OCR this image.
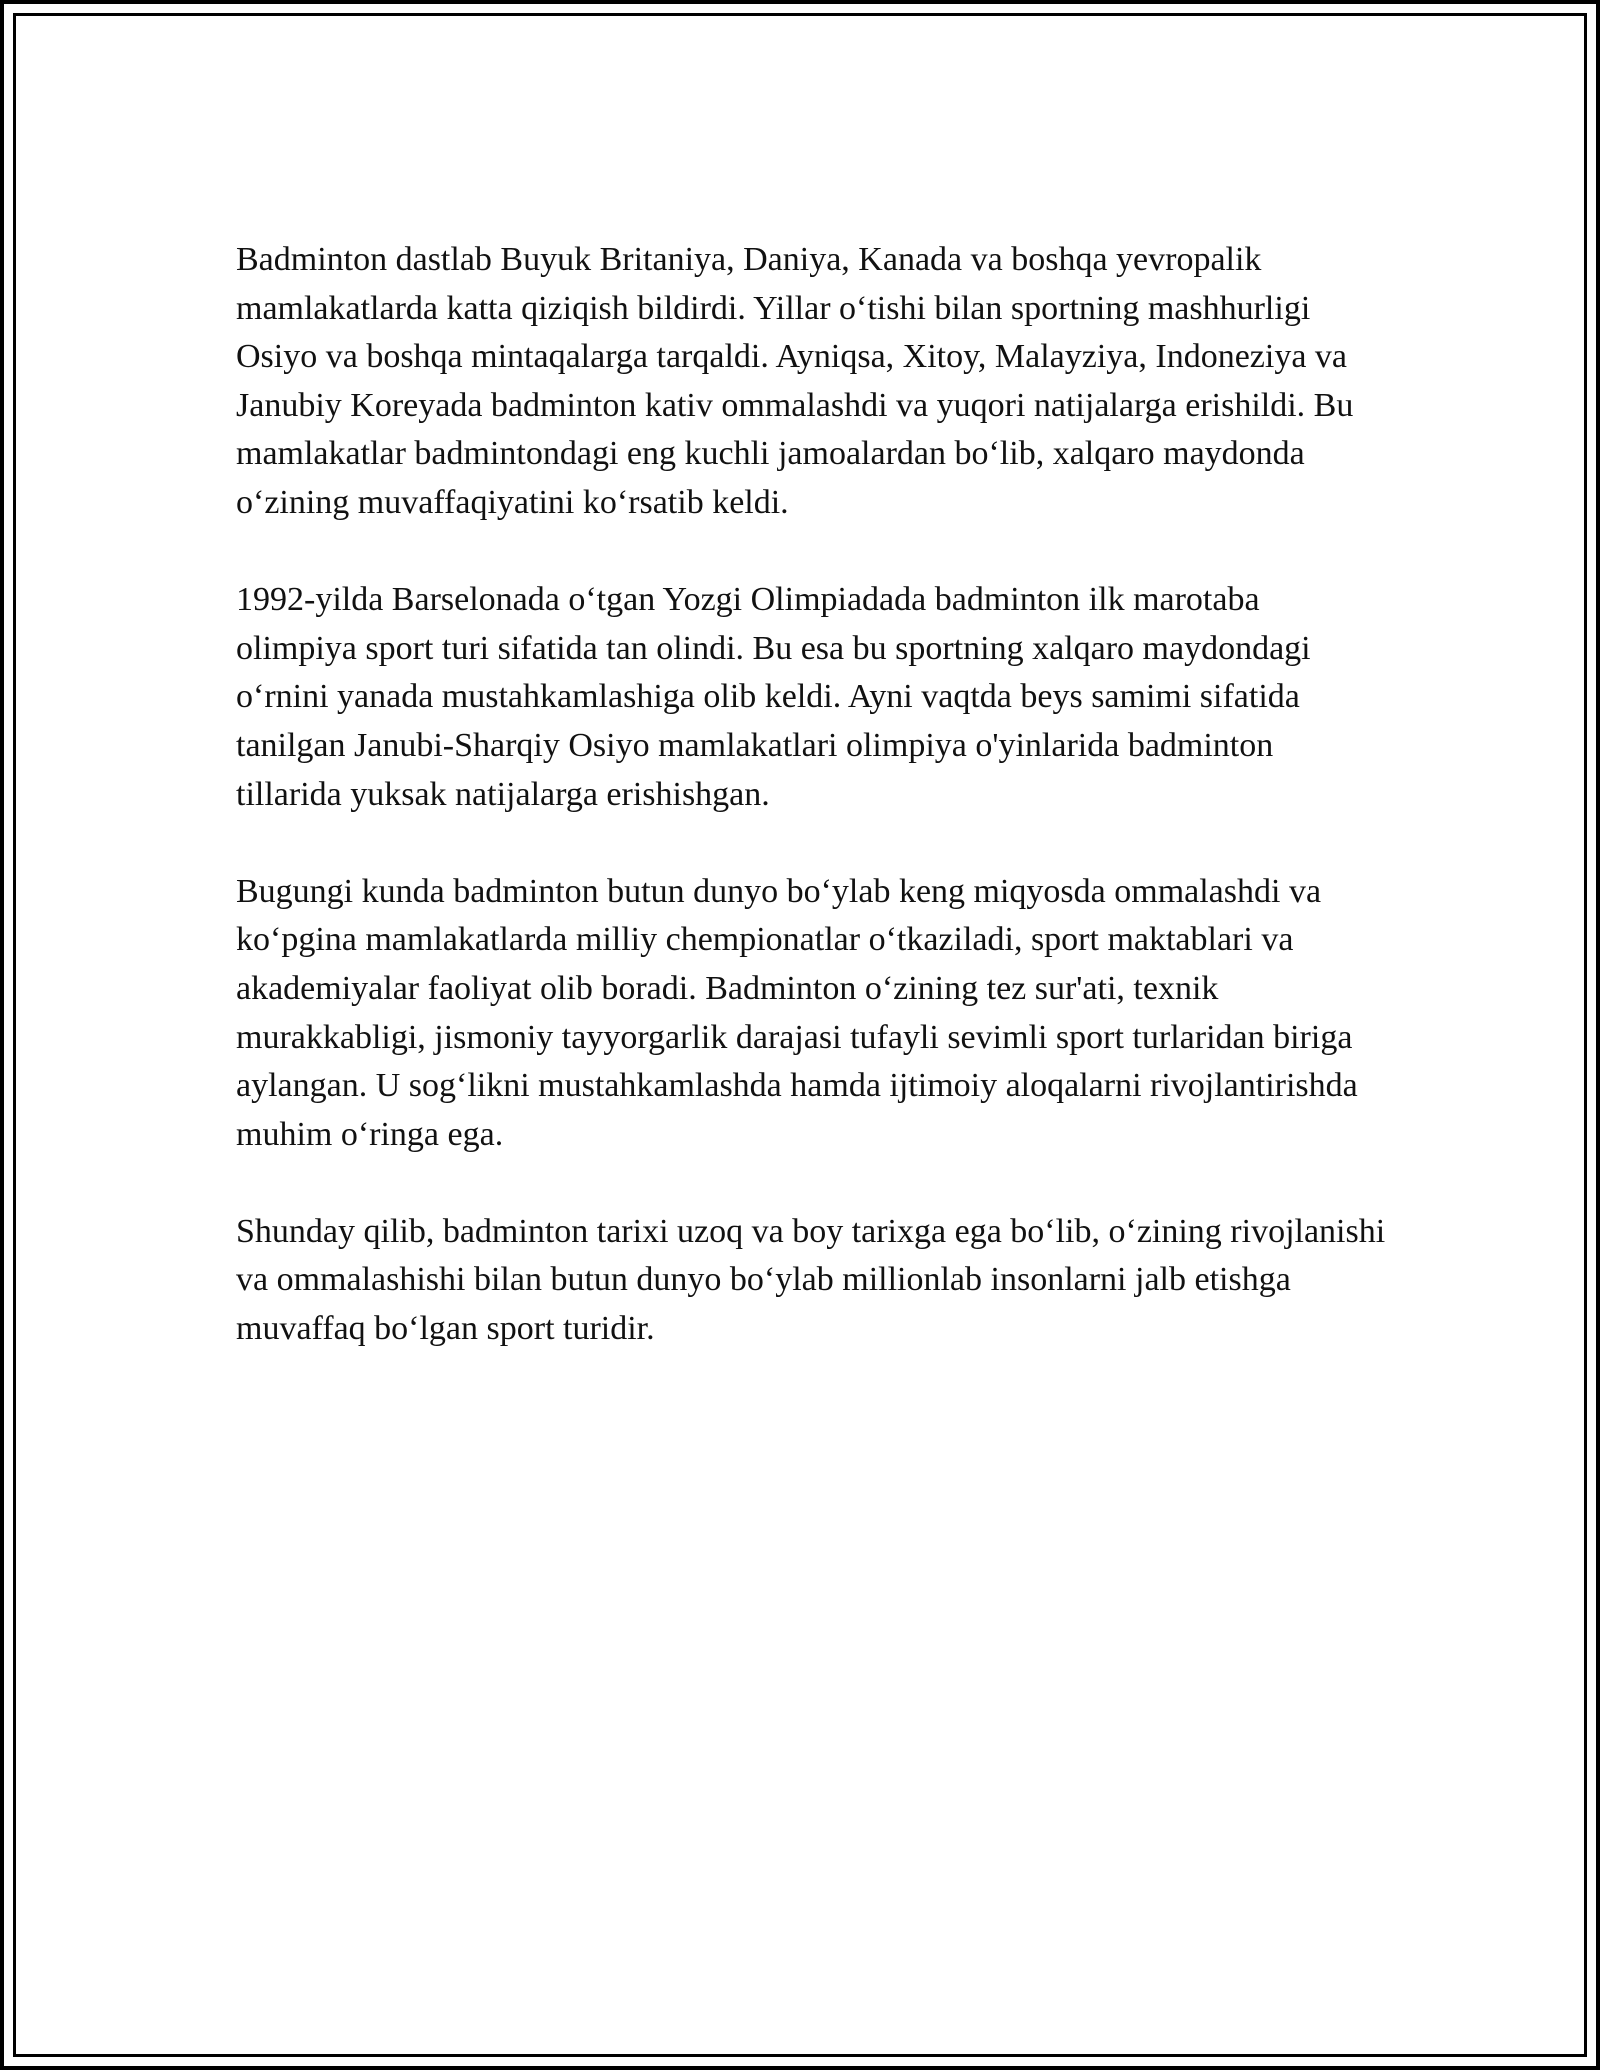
Badminton dastlab Buyuk Britaniya, Daniya, Kanada va boshqa yevropalik mamlakatlarda katta qiziqish bildirdi. Yillar o‘tishi bilan sportning mashhurligi Osiyo va boshqa mintaqalarga tarqaldi. Ayniqsa, Xitoy, Malayziya, Indoneziya va Janubiy Koreyada badminton kativ ommalashdi va yuqori natijalarga erishildi. Bu mamlakatlar badmintondagi eng kuchli jamoalardan bo‘lib, xalqaro maydonda o‘zining muvaffaqiyatini ko‘rsatib keldi.

1992-yilda Barselonada o‘tgan Yozgi Olimpiadada badminton ilk marotaba olimpiya sport turi sifatida tan olindi. Bu esa bu sportning xalqaro maydondagi o‘rnini yanada mustahkamlashiga olib keldi. Ayni vaqtda beys samimi sifatida tanilgan Janubi-Sharqiy Osiyo mamlakatlari olimpiya o'yinlarida badminton tillarida yuksak natijalarga erishishgan.

Bugungi kunda badminton butun dunyo bo‘ylab keng miqyosda ommalashdi va ko‘pgina mamlakatlarda milliy chempionatlar o‘tkaziladi, sport maktablari va akademiyalar faoliyat olib boradi. Badminton o‘zining tez sur'ati, texnik murakkabligi, jismoniy tayyorgarlik darajasi tufayli sevimli sport turlaridan biriga aylangan. U sog‘likni mustahkamlashda hamda ijtimoiy aloqalarni rivojlantirishda muhim o‘ringa ega.

Shunday qilib, badminton tarixi uzoq va boy tarixga ega bo‘lib, o‘zining rivojlanishi va ommalashishi bilan butun dunyo bo‘ylab millionlab insonlarni jalb etishga muvaffaq bo‘lgan sport turidir.
